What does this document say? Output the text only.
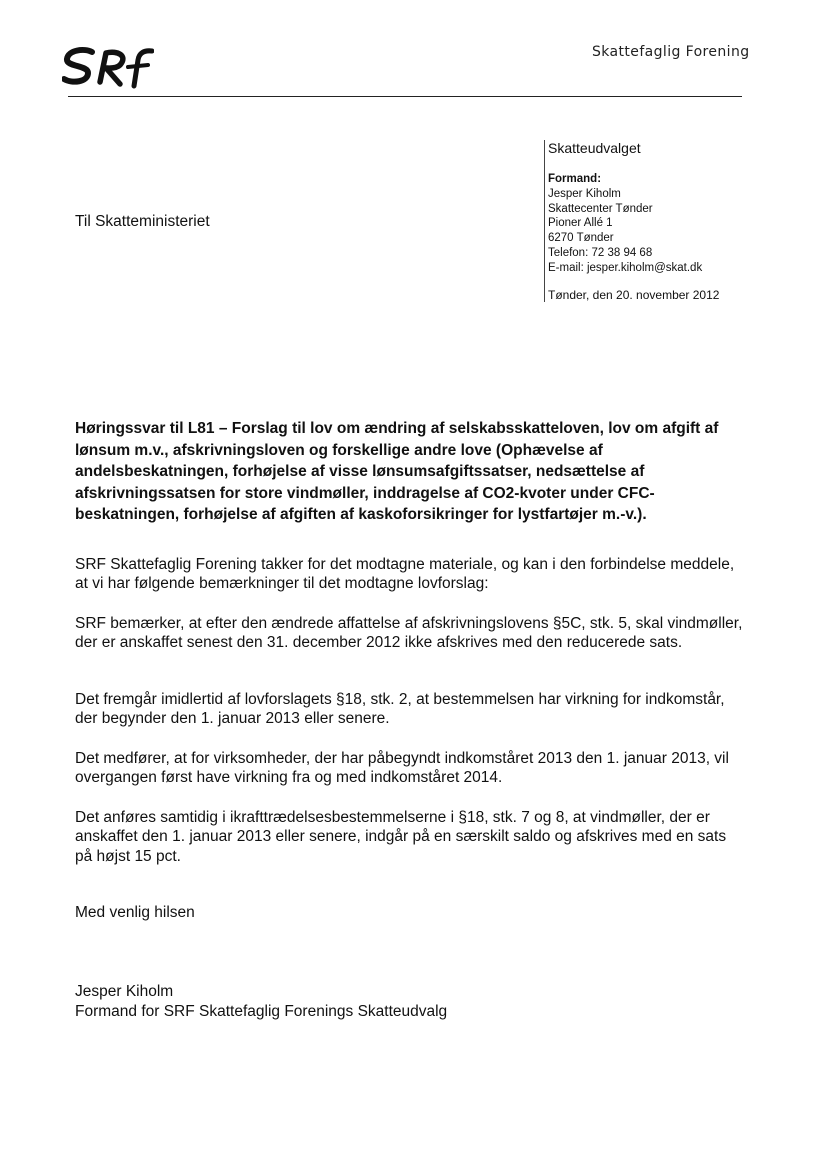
SRF	Skattefaglig Forening
Til Skatteministeriet
Skatteudvalget
Formand:
Jesper Kiholm
Skattecenter Tønder
Pioner Allé 1
6270 Tønder
Telefon: 72 38 94 68
E-mail: jesper.kiholm@skat.dk
Tønder, den 20. november 2012
Høringssvar til L81 – Forslag til lov om ændring af selskabsskatteloven, lov om afgift af lønsum m.v., afskrivningsloven og forskellige andre love (Ophævelse af andelsbeskatningen, forhøjelse af visse lønsumsafgiftssatser, nedsættelse af afskrivningssatsen for store vindmøller, inddragelse af CO2-kvoter under CFC-beskatningen, forhøjelse af afgiften af kaskoforsikringer for lystfartøjer m.-v.).
SRF Skattefaglig Forening takker for det modtagne materiale, og kan i den forbindelse meddele, at vi har følgende bemærkninger til det modtagne lovforslag:
SRF bemærker, at efter den ændrede affattelse af afskrivningslovens §5C, stk. 5, skal vindmøller, der er anskaffet senest den 31. december 2012 ikke afskrives med den reducerede sats.
Det fremgår imidlertid af lovforslagets §18, stk. 2, at bestemmelsen har virkning for indkomstår, der begynder den 1. januar 2013 eller senere.
Det medfører, at for virksomheder, der har påbegyndt indkomståret 2013 den 1. januar 2013, vil overgangen først have virkning fra og med indkomståret 2014.
Det anføres samtidig i ikrafttrædelsesbestemmelserne i §18, stk. 7 og 8, at vindmøller, der er anskaffet den 1. januar 2013 eller senere, indgår på en særskilt saldo og afskrives med en sats på højst 15 pct.
Med venlig hilsen
Jesper Kiholm
Formand for SRF Skattefaglig Forenings Skatteudvalg
